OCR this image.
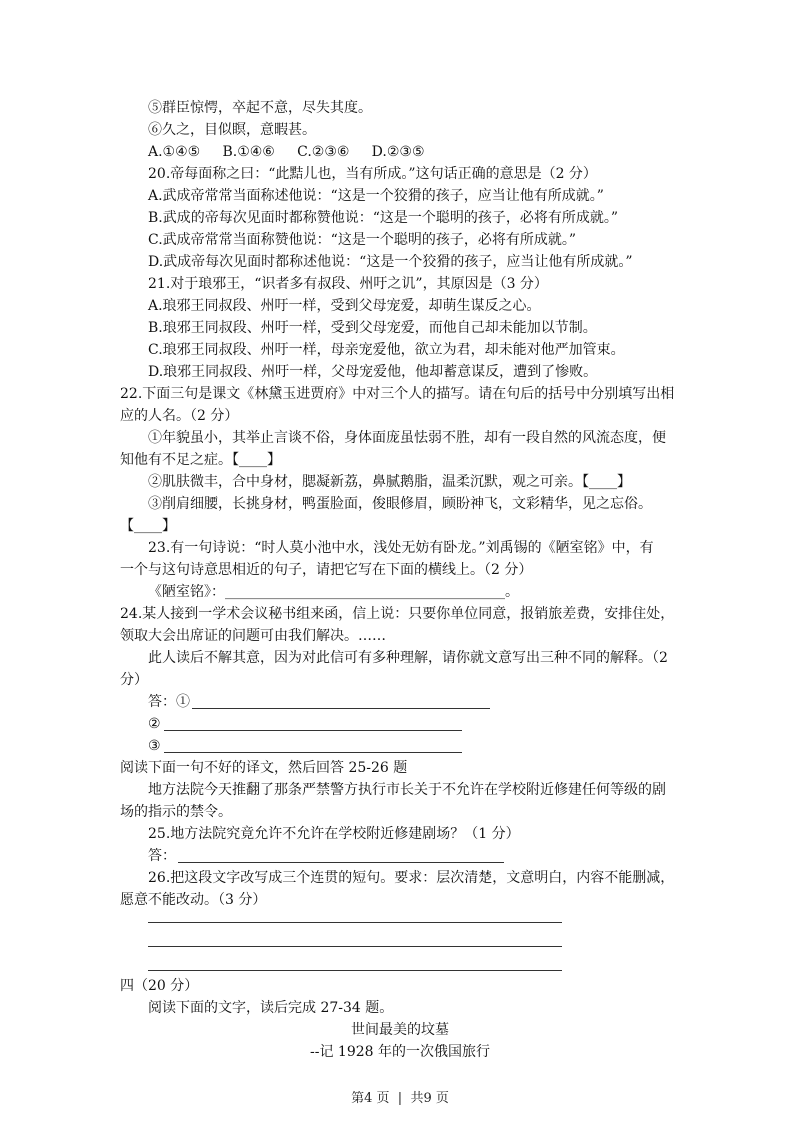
⑤群臣惊愕，卒起不意，尽失其度。
⑥久之，目似瞑，意暇甚。
A.①④⑤     B.①④⑥     C.②③⑥     D.②③⑤
20.帝每面称之曰：“此黠儿也，当有所成。”这句话正确的意思是（2 分）
A.武成帝常常当面称述他说：“这是一个狡猾的孩子，应当让他有所成就。”
B.武成的帝每次见面时都称赞他说：“这是一个聪明的孩子，必将有所成就。”
C.武成帝常常当面称赞他说：“这是一个聪明的孩子，必将有所成就。”
D.武成帝每次见面时都称述他说：“这是一个狡猾的孩子，应当让他有所成就。”
21.对于琅邪王，“识者多有叔段、州吁之讥”，其原因是（3 分）
A.琅邪王同叔段、州吁一样，受到父母宠爱，却萌生谋反之心。
B.琅邪王同叔段、州吁一样，受到父母宠爱，而他自己却未能加以节制。
C.琅邪王同叔段、州吁一样，母亲宠爱他，欲立为君，却未能对他严加管束。
D.琅邪王同叔段、州吁一样，父母宠爱他，他却蓄意谋反，遭到了惨败。
22.下面三句是课文《林黛玉进贾府》中对三个人的描写。请在句后的括号中分别填写出相
应的人名。（2 分）
①年貌虽小，其举止言谈不俗，身体面庞虽怯弱不胜，却有一段自然的风流态度，便
知他有不足之症。【____】
②肌肤微丰，合中身材，腮凝新荔，鼻腻鹅脂，温柔沉默，观之可亲。【____】
③削肩细腰，长挑身材，鸭蛋脸面，俊眼修眉，顾盼神飞，文彩精华，见之忘俗。
【____】
23.有一句诗说：“时人莫小池中水，浅处无妨有卧龙。”刘禹锡的《陋室铭》中，有
一个与这句诗意思相近的句子，请把它写在下面的横线上。（2 分）
《陋室铭》：________________________________________。
24.某人接到一学术会议秘书组来函，信上说：只要你单位同意，报销旅差费，安排住处，
领取大会出席证的问题可由我们解决。……
此人读后不解其意，因为对此信可有多种理解，请你就文意写出三种不同的解释。（2
分）
答：①
②
③
阅读下面一句不好的译文，然后回答 25-26 题
地方法院今天推翻了那条严禁警方执行市长关于不允许在学校附近修建任何等级的剧
场的指示的禁令。
25.地方法院究竟允许不允许在学校附近修建剧场？（1 分）
答：
26.把这段文字改写成三个连贯的短句。要求：层次清楚，文意明白，内容不能删减，
愿意不能改动。（3 分）
四（20 分）
阅读下面的文字，读后完成 27-34 题。
世间最美的坟墓
--记 1928 年的一次俄国旅行
第4 页  |  共9 页
